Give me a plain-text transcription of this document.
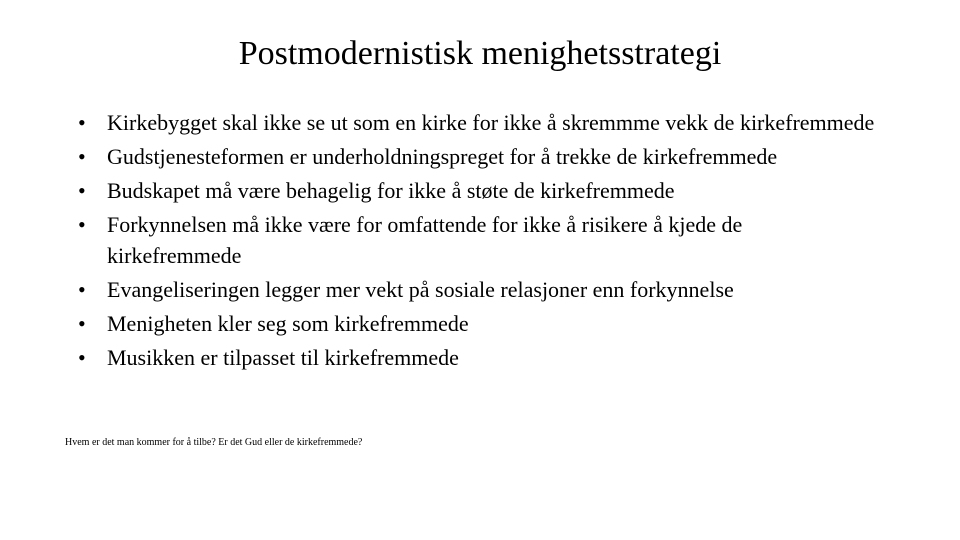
Postmodernistisk menighetsstrategi
• Kirkebygget skal ikke se ut som en kirke for ikke å skremmme vekk de kirkefremmede
• Gudstjenesteformen er underholdningspreget for å trekke de kirkefremmede
• Budskapet må være behagelig for ikke å støte de kirkefremmede
• Forkynnelsen må ikke være for omfattende for ikke å risikere å kjede de kirkefremmede
• Evangeliseringen legger mer vekt på sosiale relasjoner enn forkynnelse
• Menigheten kler seg som kirkefremmede
• Musikken er tilpasset til kirkefremmede

Hvem er det man kommer for å tilbe? Er det Gud eller de kirkefremmede?
